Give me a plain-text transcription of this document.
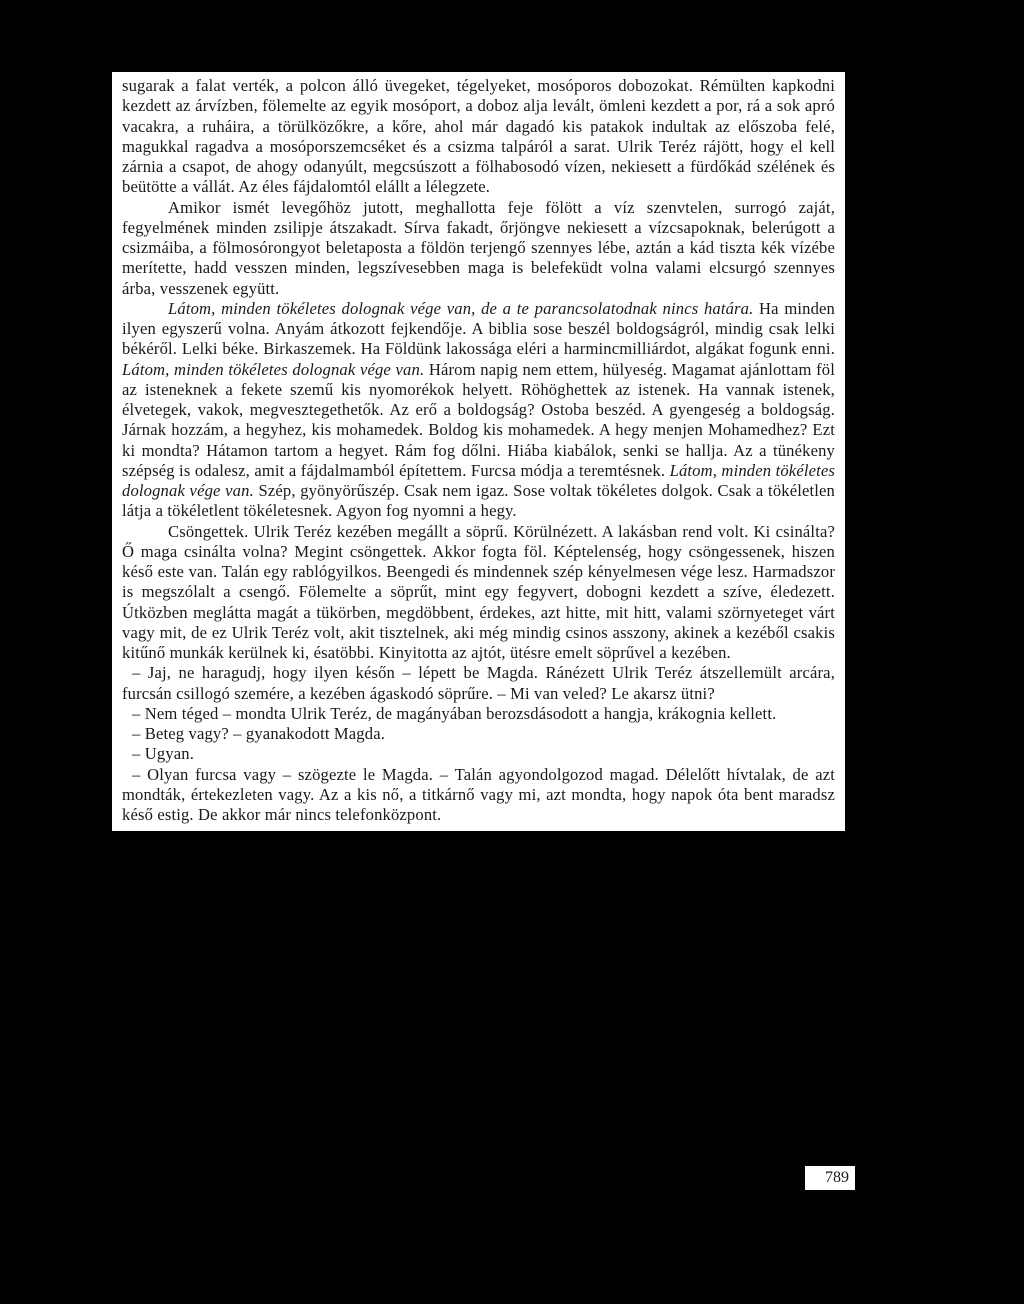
sugarak a falat verték, a polcon álló üvegeket, tégelyeket, mosóporos dobozokat. Rémülten kapkodni kezdett az árvízben, fölemelte az egyik mosóport, a doboz alja levált, ömleni kezdett a por, rá a sok apró vacakra, a ruháira, a törülközőkre, a kőre, ahol már dagadó kis patakok indultak az előszoba felé, magukkal ragadva a mosóporszemcséket és a csizma talpáról a sarat. Ulrik Teréz rájött, hogy el kell zárnia a csapot, de ahogy odanyúlt, megcsúszott a fölhabosodó vízen, nekiesett a fürdőkád szélének és beütötte a vállát. Az éles fájdalomtól elállt a lélegzete.

Amikor ismét levegőhöz jutott, meghallotta feje fölött a víz szenvtelen, surrogó zaját, fegyelmének minden zsilipje átszakadt. Sírva fakadt, őrjöngve nekiesett a vízcsapoknak, belerúgott a csizmáiba, a fölmosórongyot beletaposta a földön terjengő szennyes lébe, aztán a kád tiszta kék vízébe merítette, hadd vesszen minden, legszívesebben maga is belefeküdt volna valami elcsurgó szennyes árba, vesszenek együtt.

Látom, minden tökéletes dolognak vége van, de a te parancsolatodnak nincs határa. Ha minden ilyen egyszerű volna. Anyám átkozott fejkendője. A biblia sose beszél boldogságról, mindig csak lelki békéről. Lelki béke. Birkaszemek. Ha Földünk lakossága eléri a harmincmilliárdot, algákat fogunk enni. Látom, minden tökéletes dolognak vége van. Három napig nem ettem, hülyeség. Magamat ajánlottam föl az isteneknek a fekete szemű kis nyomorékok helyett. Röhöghettek az istenek. Ha vannak istenek, élvetegek, vakok, megvesztegethetők. Az erő a boldogság? Ostoba beszéd. A gyengeség a boldogság. Járnak hozzám, a hegyhez, kis mohamedek. Boldog kis mohamedek. A hegy menjen Mohamedhez? Ezt ki mondta? Hátamon tartom a hegyet. Rám fog dőlni. Hiába kiabálok, senki se hallja. Az a tünékeny szépség is odalesz, amit a fájdalmamból építettem. Furcsa módja a teremtésnek. Látom, minden tökéletes dolognak vége van. Szép, gyönyörűszép. Csak nem igaz. Sose voltak tökéletes dolgok. Csak a tökéletlen látja a tökéletlent tökéletesnek. Agyon fog nyomni a hegy.

Csöngettek. Ulrik Teréz kezében megállt a söprű. Körülnézett. A lakásban rend volt. Ki csinálta? Ő maga csinálta volna? Megint csöngettek. Akkor fogta föl. Képtelenség, hogy csöngessenek, hiszen késő este van. Talán egy rablógyilkos. Beengedi és mindennek szép kényelmesen vége lesz. Harmadszor is megszólalt a csengő. Fölemelte a söprűt, mint egy fegyvert, dobogni kezdett a szíve, éledezett. Útközben meglátta magát a tükörben, megdöbbent, érdekes, azt hitte, mit hitt, valami szörnyeteget várt vagy mit, de ez Ulrik Teréz volt, akit tisztelnek, aki még mindig csinos asszony, akinek a kezéből csakis kitűnő munkák kerülnek ki, ésatöbbi. Kinyitotta az ajtót, ütésre emelt söprűvel a kezében.

– Jaj, ne haragudj, hogy ilyen későn – lépett be Magda. Ránézett Ulrik Teréz átszellemült arcára, furcsán csillogó szemére, a kezében ágaskodó söprűre. – Mi van veled? Le akarsz ütni?

– Nem téged – mondta Ulrik Teréz, de magányában berozsdásodott a hangja, krákognia kellett.

– Beteg vagy? – gyanakodott Magda.

– Ugyan.

– Olyan furcsa vagy – szögezte le Magda. – Talán agyondolgozod magad. Délelőtt hívtalak, de azt mondták, értekezleten vagy. Az a kis nő, a titkárnő vagy mi, azt mondta, hogy napok óta bent maradsz késő estig. De akkor már nincs telefonközpont.

789
